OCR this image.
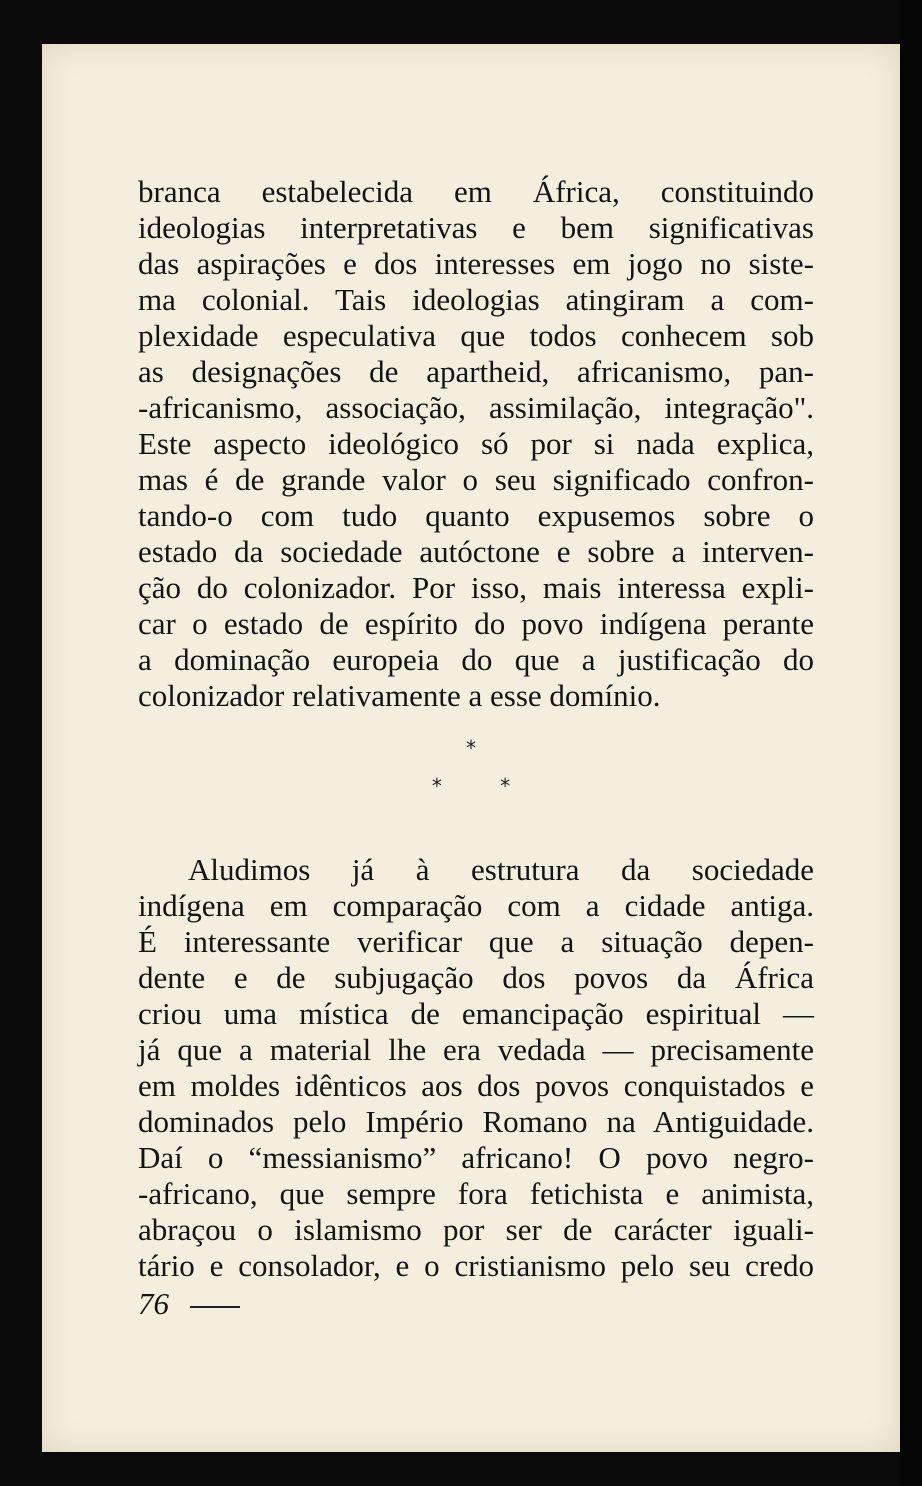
branca estabelecida em África, constituindo
ideologias interpretativas e bem significativas
das aspirações e dos interesses em jogo no siste-
ma colonial. Tais ideologias atingiram a com-
plexidade especulativa que todos conhecem sob
as designações de apartheid, africanismo, pan-
-africanismo, associação, assimilação, integração".
Este aspecto ideológico só por si nada explica,
mas é de grande valor o seu significado confron-
tando-o com tudo quanto expusemos sobre o
estado da sociedade autóctone e sobre a interven-
ção do colonizador. Por isso, mais interessa expli-
car o estado de espírito do povo indígena perante
a dominação europeia do que a justificação do
colonizador relativamente a esse domínio.
*
*	*
Aludimos já à estrutura da sociedade
indígena em comparação com a cidade antiga.
É interessante verificar que a situação depen-
dente e de subjugação dos povos da África
criou uma mística de emancipação espiritual —
já que a material lhe era vedada — precisamente
em moldes idênticos aos dos povos conquistados e
dominados pelo Império Romano na Antiguidade.
Daí o “messianismo” africano! O povo negro-
-africano, que sempre fora fetichista e animista,
abraçou o islamismo por ser de carácter iguali-
tário e consolador, e o cristianismo pelo seu credo
76
